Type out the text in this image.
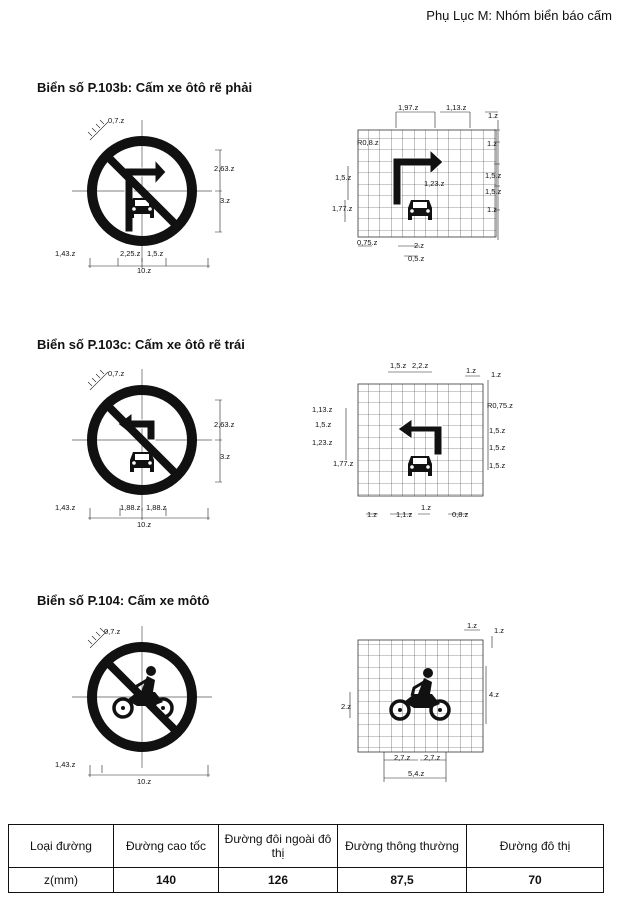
Phụ Lục M: Nhóm biển báo cấm
Biển số P.103b: Cấm xe ôtô rẽ phải
Biển số P.103c: Cấm xe ôtô rẽ trái
Biển số P.104: Cấm xe môtô
0,7.z
2,63.z
3.z
1,43.z	2,25.z 1,5.z
10.z
1,97.z	1,13.z
1.z
R0,8.z
1,5.z
1,77.z
1,23.z
1.z
1,5.z
1,5.z
1.z
0,75.z	2.z
0,5.z
0,7.z
2,63.z
3.z
1,43.z	1,88.z 1,88.z
10.z
1,5.z 2,2.z
1.z 1.z
R0,75.z
1,13.z
1,5.z
1,23.z
1,77.z
1,5.z
1,5.z
1,5.z
1.z	1,1.z
1.z
0,8.z
0,7.z
1,43.z
10.z
1.z
1.z
2.z
4.z
2,7.z 2,7.z
5,4.z
Loại đường	Đường cao tốc	Đường đôi ngoài đô thị	Đường thông thường	Đường đô thị
z(mm)	140	126	87,5	70
